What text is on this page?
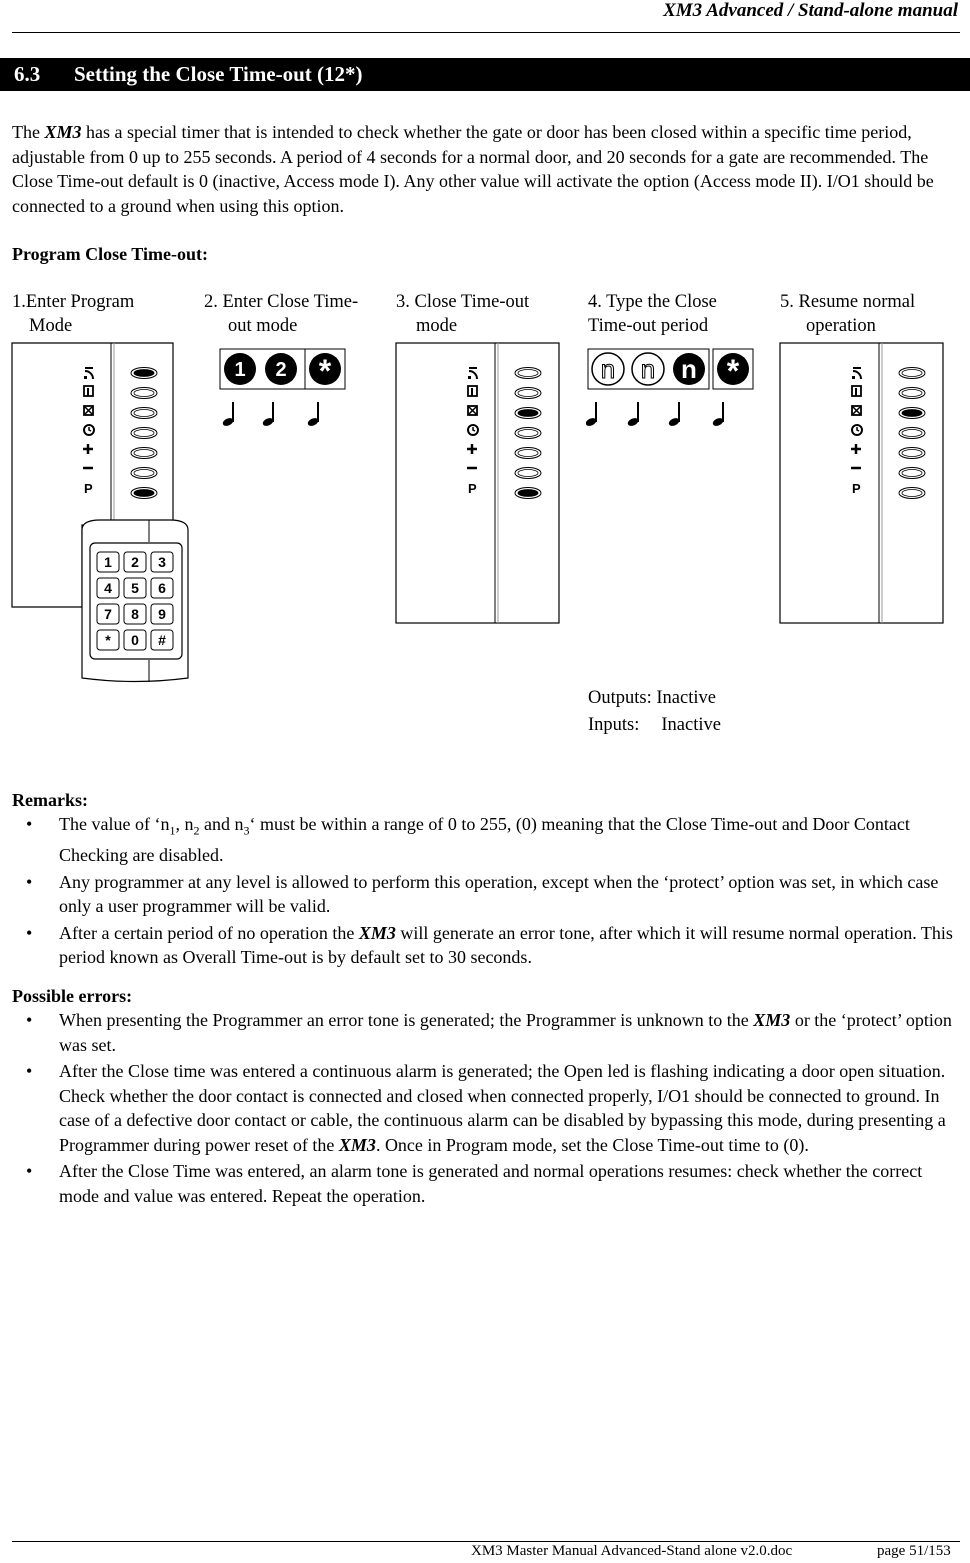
XM3 Advanced / Stand-alone manual
6.3 Setting the Close Time-out (12*)
The XM3 has a special timer that is intended to check whether the gate or door has been closed within a specific time period, adjustable from 0 up to 255 seconds. A period of 4 seconds for a normal door, and 20 seconds for a gate are recommended. The Close Time-out default is 0 (inactive, Access mode I). Any other value will activate the option (Access mode II). I/O1 should be connected to a ground when using this option.
Program Close Time-out:
1.Enter Program
Mode
2. Enter Close Time-
out mode
3. Close Time-out
mode
4. Type the Close
Time-out period
5. Resume normal
operation
P
1 2 3
4 5 6
7 8 9
* 0 #
1 2 *
P
n n n *
P
Outputs: Inactive
Inputs: Inactive
Remarks:
• The value of ‘$n_1$, $n_2$ and $n_3‘$ must be within a range of 0 to 255, (0) meaning that the Close Time-out and Door Contact Checking are disabled.
• Any programmer at any level is allowed to perform this operation, except when the ‘protect’ option was set, in which case only a user programmer will be valid.
• After a certain period of no operation the XM3 will generate an error tone, after which it will resume normal operation. This period known as Overall Time-out is by default set to 30 seconds.
Possible errors:
• When presenting the Programmer an error tone is generated; the Programmer is unknown to the XM3 or the ‘protect’ option was set.
• After the Close time was entered a continuous alarm is generated; the Open led is flashing indicating a door open situation. Check whether the door contact is connected and closed when connected properly, I/O1 should be connected to ground. In case of a defective door contact or cable, the continuous alarm can be disabled by bypassing this mode, during presenting a Programmer during power reset of the XM3. Once in Program mode, set the Close Time-out time to (0).
• After the Close Time was entered, an alarm tone is generated and normal operations resumes: check whether the correct mode and value was entered. Repeat the operation.
XM3 Master Manual Advanced-Stand alone v2.0.doc	page 51/153
